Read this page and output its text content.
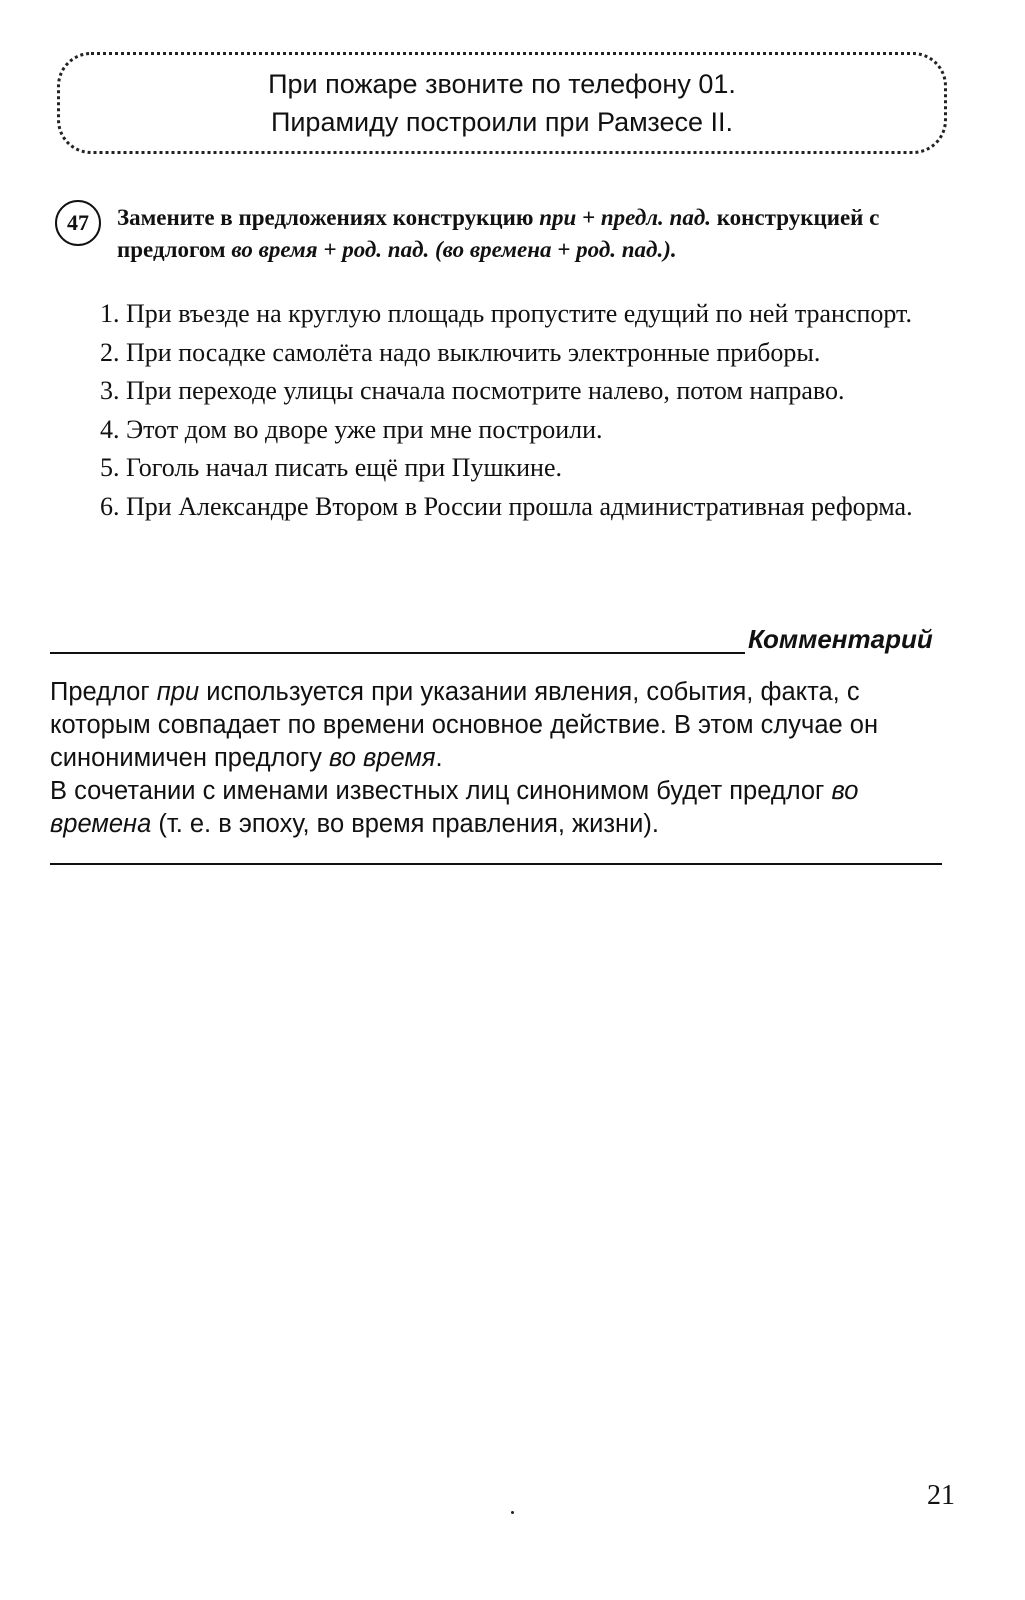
При пожаре звоните по телефону 01.
Пирамиду построили при Рамзесе II.
47	Замените в предложениях конструкцию при + предл. пад. конструкцией с предлогом во время + род. пад. (во времена + род. пад.).

1. При въезде на круглую площадь пропустите едущий по ней транспорт.

2. При посадке самолёта надо выключить электронные приборы.

3. При переходе улицы сначала посмотрите налево, потом направо.

4. Этот дом во дворе уже при мне построили.

5. Гоголь начал писать ещё при Пушкине.

6. При Александре Втором в России прошла административная реформа.

Комментарий

Предлог при используется при указании явления, события, факта, с которым совпадает по времени основное действие. В этом случае он синонимичен предлогу во время.

В сочетании с именами известных лиц синонимом будет предлог во времена (т. е. в эпоху, во время правления, жизни).

21
